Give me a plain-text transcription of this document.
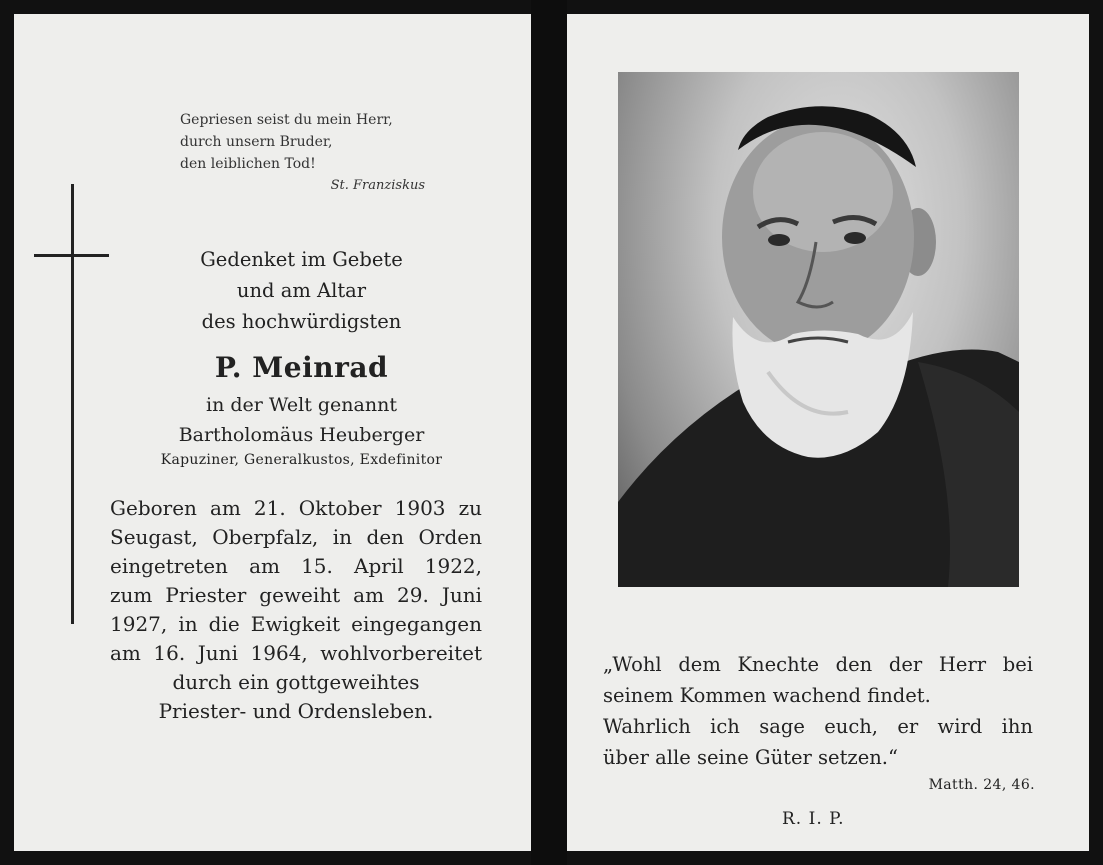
Gepriesen seist du mein Herr,
durch unsern Bruder,
den leiblichen Tod!
St. Franziskus
Gedenket im Gebete
und am Altar
des hochwürdigsten
P. Meinrad
in der Welt genannt
Bartholomäus Heuberger
Kapuziner, Generalkustos, Exdefinitor
Geboren am 21. Oktober 1903 zu
Seugast, Oberpfalz, in den Orden
eingetreten am 15. April 1922,
zum Priester geweiht am 29. Juni
1927, in die Ewigkeit eingegangen
am 16. Juni 1964, wohlvorbereitet
durch ein gottgeweihtes
Priester- und Ordensleben.
„Wohl dem Knechte den der Herr bei
seinem Kommen wachend findet.
Wahrlich ich sage euch, er wird ihn
über alle seine Güter setzen.“
Matth. 24, 46.
R. I. P.
